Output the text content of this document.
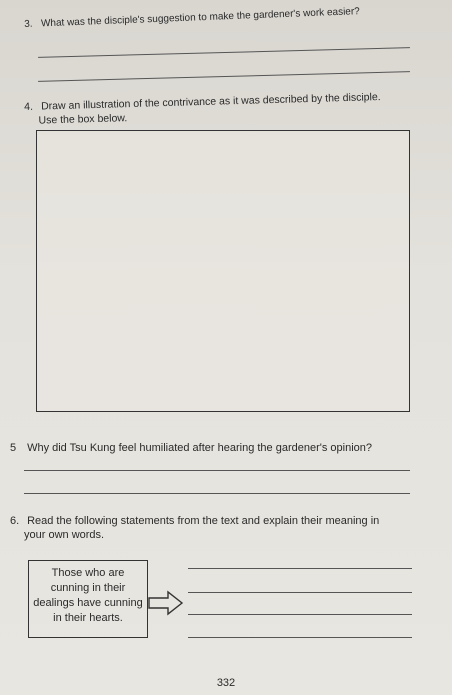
3. What was the disciple's suggestion to make the gardener's work easier?
4. Draw an illustration of the contrivance as it was described by the disciple.
Use the box below.
5 Why did Tsu Kung feel humiliated after hearing the gardener's opinion?
6. Read the following statements from the text and explain their meaning in
your own words.
Those who are
cunning in their
dealings have cunning
in their hearts.
332
